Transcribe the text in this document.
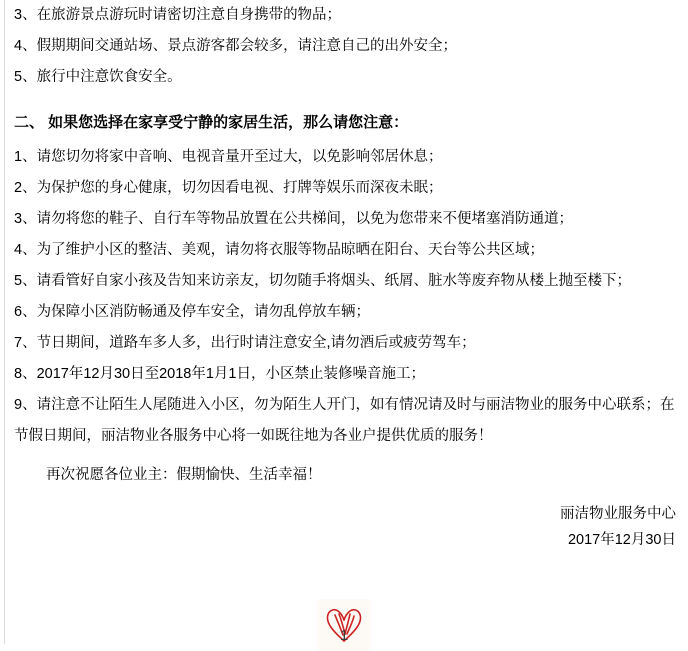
3、在旅游景点游玩时请密切注意自身携带的物品；
4、假期期间交通站场、景点游客都会较多，请注意自己的出外安全；
5、旅行中注意饮食安全。
二、 如果您选择在家享受宁静的家居生活，那么请您注意：
1、请您切勿将家中音响、电视音量开至过大，以免影响邻居休息；
2、为保护您的身心健康，切勿因看电视、打牌等娱乐而深夜未眠；
3、请勿将您的鞋子、自行车等物品放置在公共梯间，以免为您带来不便堵塞消防通道；
4、为了维护小区的整洁、美观，请勿将衣服等物品晾晒在阳台、天台等公共区域；
5、请看管好自家小孩及告知来访亲友，切勿随手将烟头、纸屑、脏水等废弃物从楼上抛至楼下；
6、为保障小区消防畅通及停车安全，请勿乱停放车辆；
7、节日期间，道路车多人多，出行时请注意安全,请勿酒后或疲劳驾车；
8、2017年12月30日至2018年1月1日，小区禁止装修噪音施工；
9、请注意不让陌生人尾随进入小区，勿为陌生人开门，如有情况请及时与丽洁物业的服务中心联系；在节假日期间，丽洁物业各服务中心将一如既往地为各业户提供优质的服务！
再次祝愿各位业主：假期愉快、生活幸福！
丽洁物业服务中心
2017年12月30日
1
